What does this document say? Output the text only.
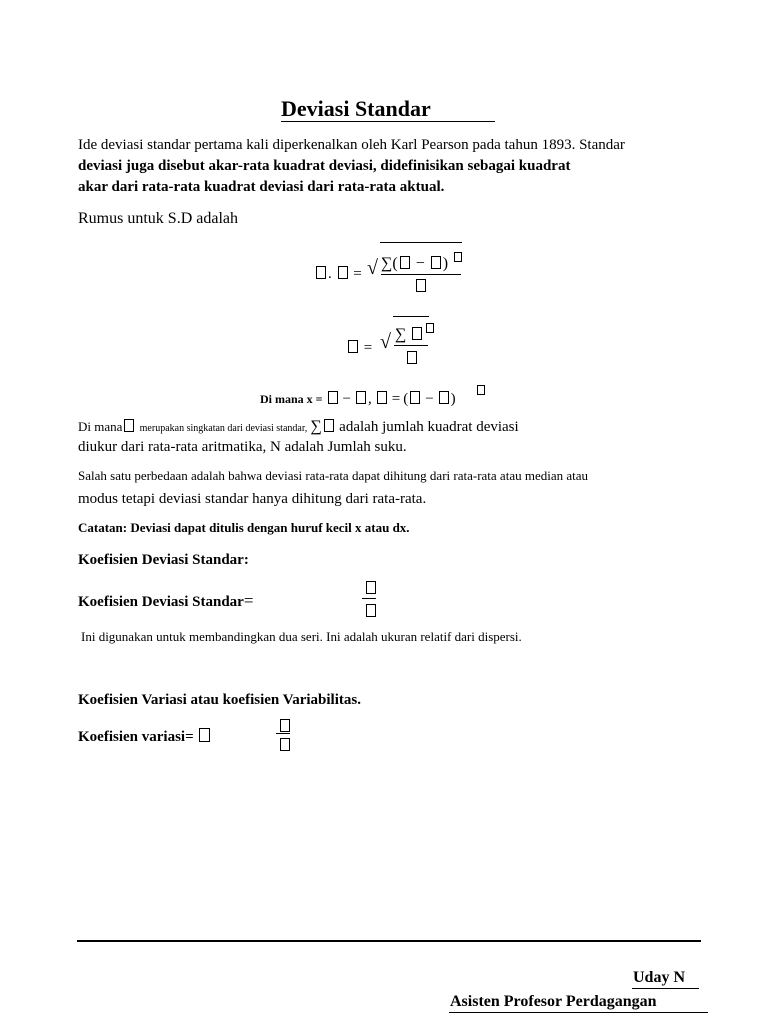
Deviasi Standar
Ide deviasi standar pertama kali diperkenalkan oleh Karl Pearson pada tahun 1893. Standar
deviasi juga disebut akar-rata kuadrat deviasi, didefinisikan sebagai kuadrat
akar dari rata-rata kuadrat deviasi dari rata-rata aktual.
Rumus untuk S.D adalah
. = √ ∑( − )
= √ ∑
Di mana x = − , = ( − )
Di mana merupakan singkatan dari deviasi standar, ∑ adalah jumlah kuadrat deviasi
diukur dari rata-rata aritmatika, N adalah Jumlah suku.
Salah satu perbedaan adalah bahwa deviasi rata-rata dapat dihitung dari rata-rata atau median atau
modus tetapi deviasi standar hanya dihitung dari rata-rata.
Catatan: Deviasi dapat ditulis dengan huruf kecil x atau dx.
Koefisien Deviasi Standar:
Koefisien Deviasi Standar=
Ini digunakan untuk membandingkan dua seri. Ini adalah ukuran relatif dari dispersi.
Koefisien Variasi atau koefisien Variabilitas.
Koefisien variasi=
Uday N
Asisten Profesor Perdagangan
